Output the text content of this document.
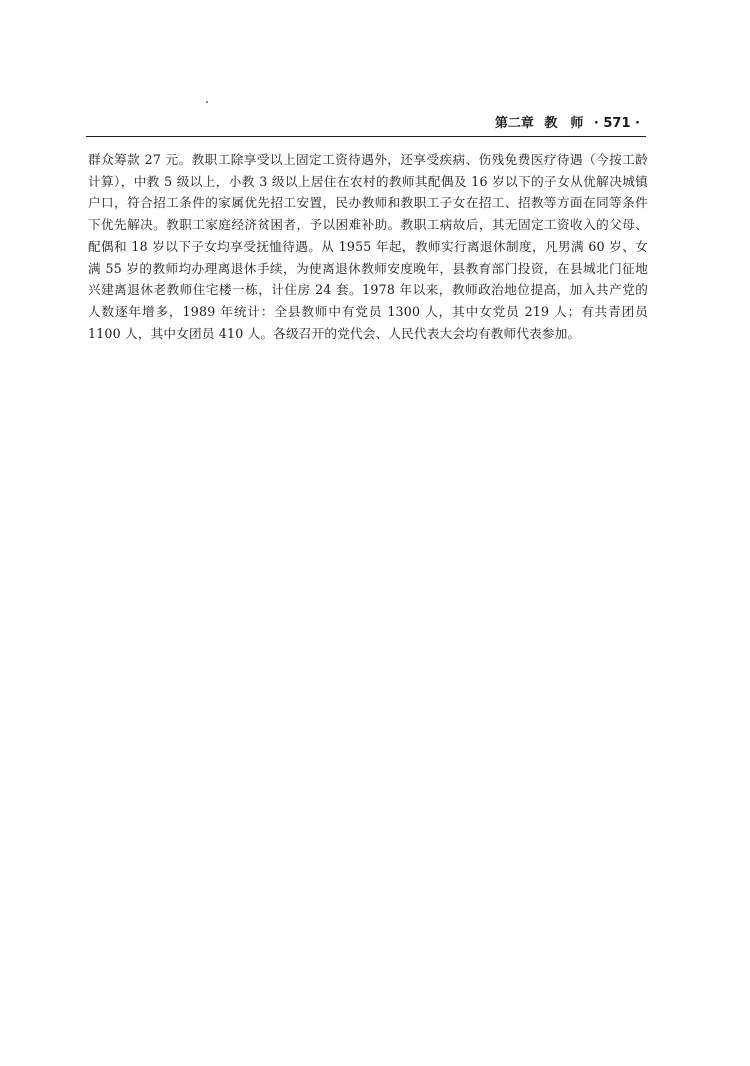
第二章 教　师 · 571 ·

群众筹款 27 元。教职工除享受以上固定工资待遇外，还享受疾病、伤残免费医疗待遇（今按工龄计算），中教 5 级以上，小教 3 级以上居住在农村的教师其配偶及 16 岁以下的子女从优解决城镇户口，符合招工条件的家属优先招工安置，民办教师和教职工子女在招工、招教等方面在同等条件下优先解决。教职工家庭经济贫困者，予以困难补助。教职工病故后，其无固定工资收入的父母、配偶和 18 岁以下子女均享受抚恤待遇。从 1955 年起，教师实行离退休制度，凡男满 60 岁、女满 55 岁的教师均办理离退休手续，为使离退休教师安度晚年，县教育部门投资，在县城北门征地兴建离退休老教师住宅楼一栋，计住房 24 套。1978 年以来，教师政治地位提高，加入共产党的人数逐年增多，1989 年统计：全县教师中有党员 1300 人，其中女党员 219 人；有共青团员 1100 人，其中女团员 410 人。各级召开的党代会、人民代表大会均有教师代表参加。
